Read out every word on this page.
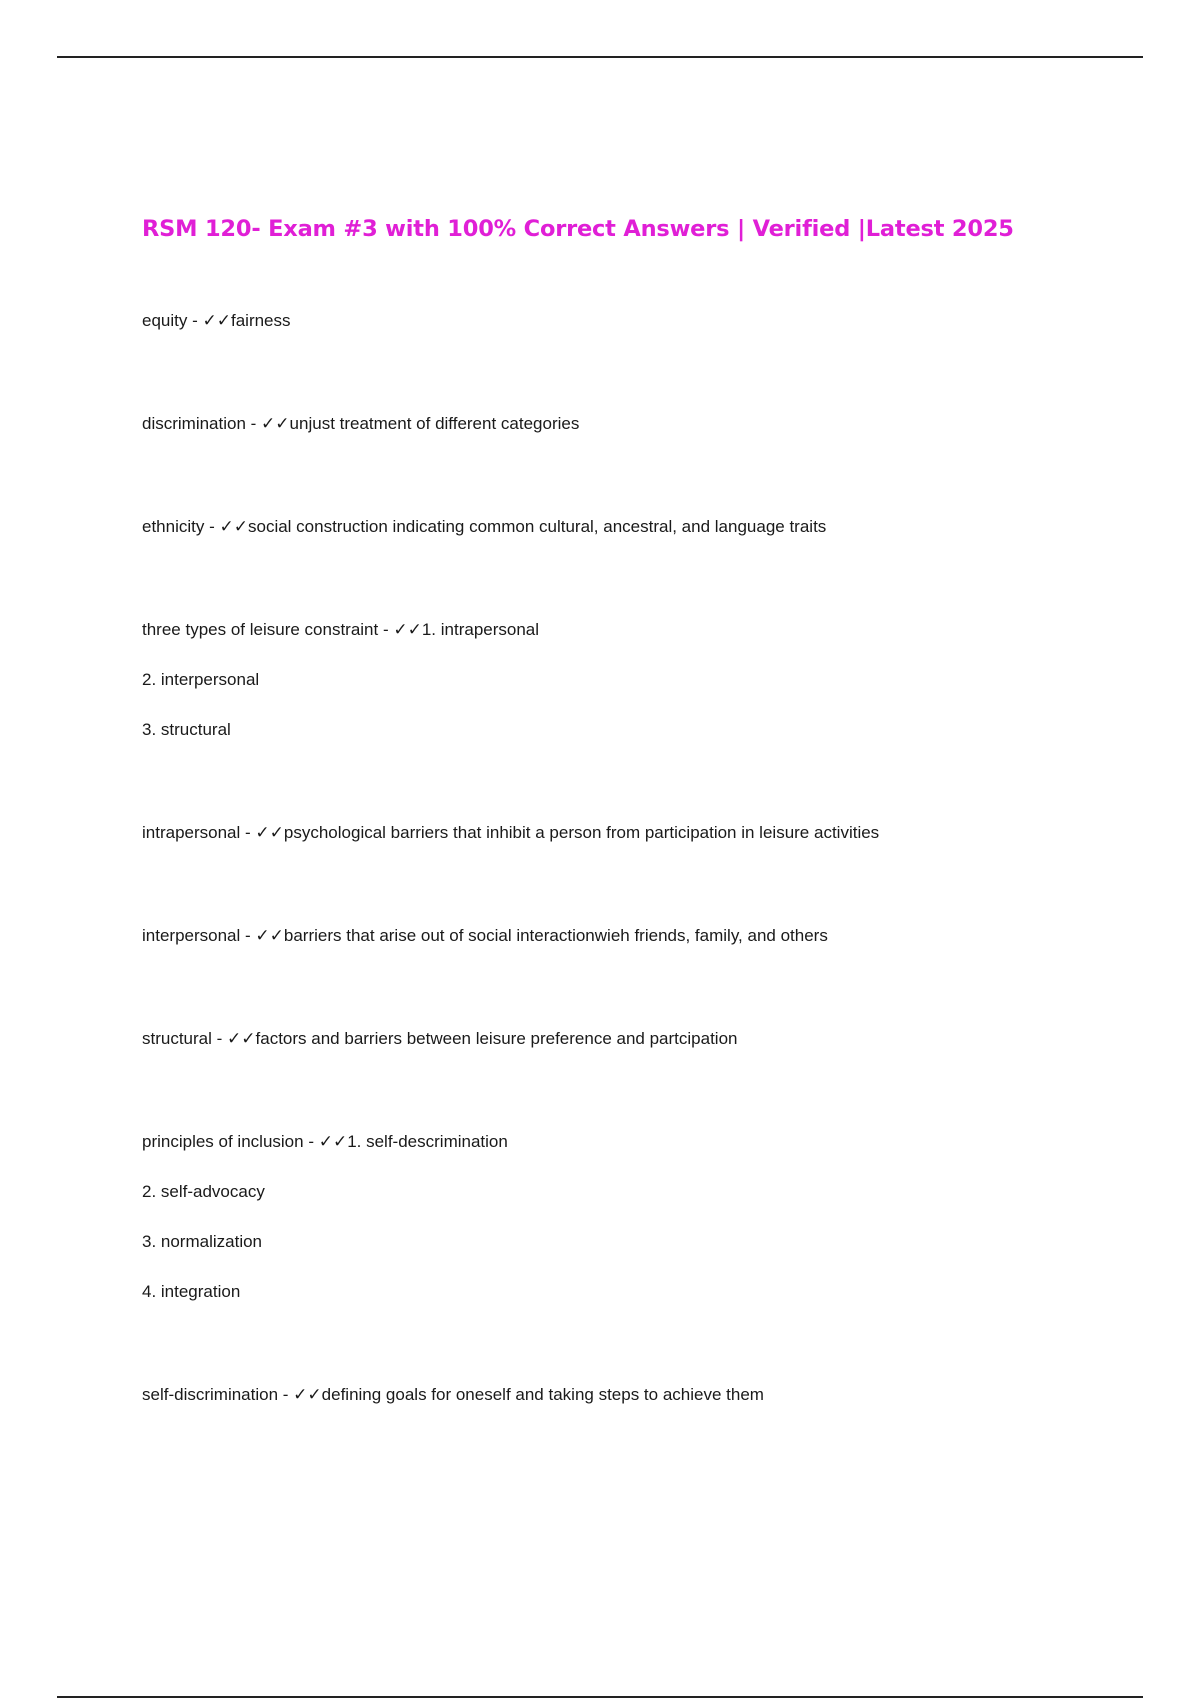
RSM 120- Exam #3 with 100% Correct Answers | Verified |Latest 2025
equity - ✓✓fairness
discrimination - ✓✓unjust treatment of different categories
ethnicity - ✓✓social construction indicating common cultural, ancestral, and language traits
three types of leisure constraint - ✓✓1. intrapersonal
2. interpersonal
3. structural
intrapersonal - ✓✓psychological barriers that inhibit a person from participation in leisure activities
interpersonal - ✓✓barriers that arise out of social interactionwieh friends, family, and others
structural - ✓✓factors and barriers between leisure preference and partcipation
principles of inclusion - ✓✓1. self-descrimination
2. self-advocacy
3. normalization
4. integration
self-discrimination - ✓✓defining goals for oneself and taking steps to achieve them
